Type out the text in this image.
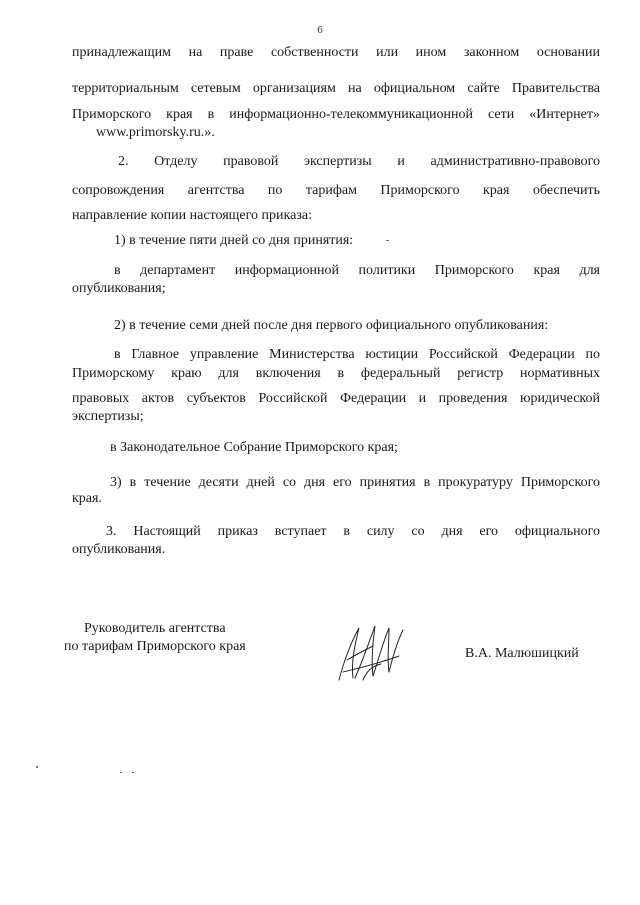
6
принадлежащим на праве собственности или ином законном основании
территориальным сетевым организациям на официальном сайте Правительства
Приморского края в информационно-телекоммуникационной сети «Интернет»
www.primorsky.ru.».
2. Отделу правовой экспертизы и административно-правового
сопровождения агентства по тарифам Приморского края обеспечить
направление копии настоящего приказа:
1) в течение пяти дней со дня принятия:
в департамент информационной политики Приморского края для
опубликования;
2) в течение семи дней после дня первого официального опубликования:
в Главное управление Министерства юстиции Российской Федерации по
Приморскому краю для включения в федеральный регистр нормативных
правовых актов субъектов Российской Федерации и проведения юридической
экспертизы;
в Законодательное Собрание Приморского края;
3) в течение десяти дней со дня его принятия в прокуратуру Приморского
края.
3. Настоящий приказ вступает в силу со дня его официального
опубликования.
Руководитель агентства
по тарифам Приморского края	В.А. Малюшицкий
